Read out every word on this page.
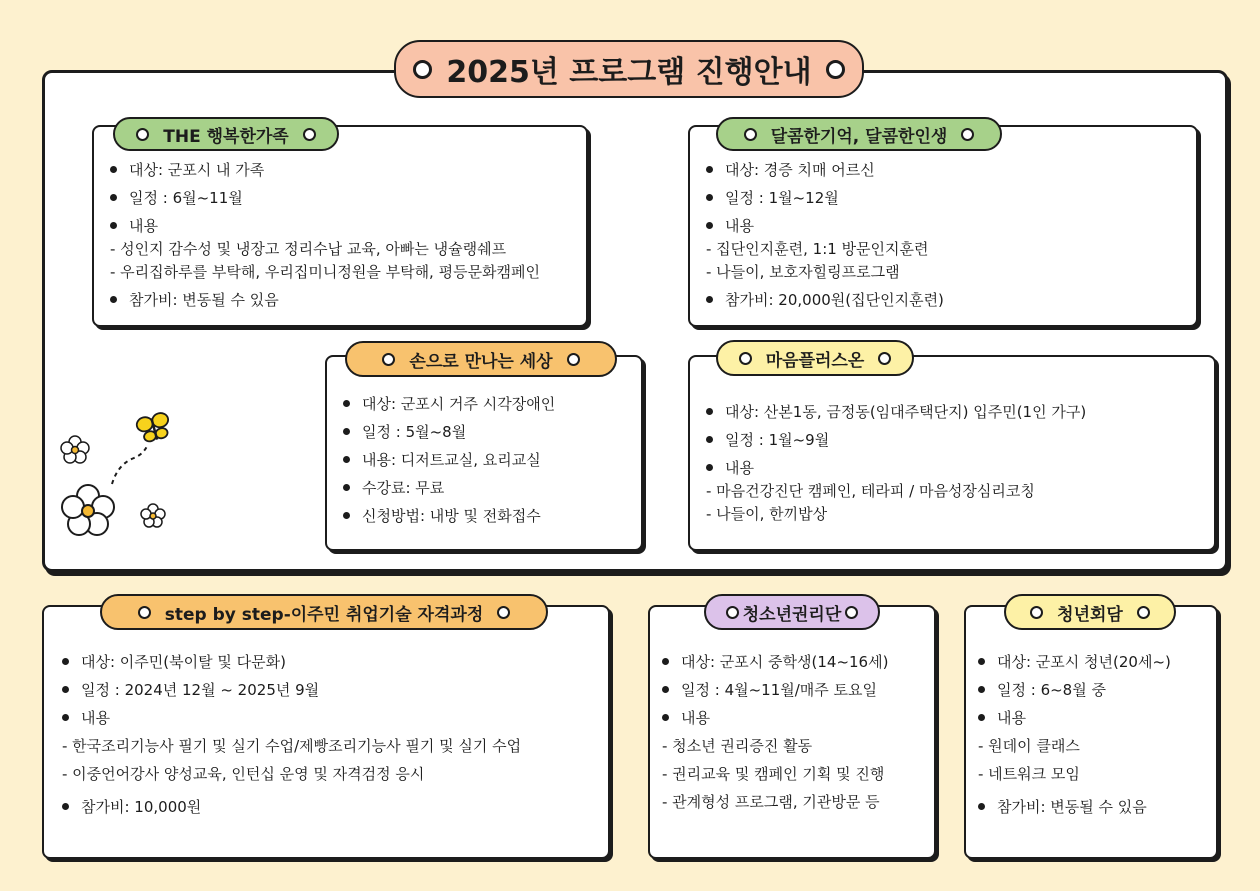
2025년 프로그램 진행안내
대상: 군포시 내 가족
일정 : 6월~11월
내용
- 성인지 감수성 및 냉장고 정리수납 교육, 아빠는 냉슐랭쉐프
- 우리집하루를 부탁해, 우리집미니정원을 부탁해, 평등문화캠페인
참가비: 변동될 수 있음
THE 행복한가족
대상: 경증 치매 어르신
일정 : 1월~12월
내용
- 집단인지훈련, 1:1 방문인지훈련
- 나들이, 보호자힐링프로그램
참가비: 20,000원(집단인지훈련)
달콤한기억, 달콤한인생
대상: 군포시 거주 시각장애인
일정 : 5월~8월
내용: 디저트교실, 요리교실
수강료: 무료
신청방법: 내방 및 전화접수
손으로 만나는 세상
대상: 산본1동, 금정동(임대주택단지) 입주민(1인 가구)
일정 : 1월~9월
내용
- 마음건강진단 캠페인, 테라피 / 마음성장심리코칭
- 나들이, 한끼밥상
마음플러스온
대상: 이주민(북이탈 및 다문화)
일정 : 2024년 12월 ~ 2025년 9월
내용
- 한국조리기능사 필기 및 실기 수업/제빵조리기능사 필기 및 실기 수업
- 이중언어강사 양성교육, 인턴십 운영 및 자격검정 응시
참가비: 10,000원
step by step-이주민 취업기술 자격과정
대상: 군포시 중학생(14~16세)
일정 : 4월~11월/매주 토요일
내용
- 청소년 권리증진 활동
- 권리교육 및 캠페인 기획 및 진행
- 관계형성 프로그램, 기관방문 등
청소년권리단
대상: 군포시 청년(20세~)
일정 : 6~8월 중
내용
- 원데이 클래스
- 네트워크 모임
참가비: 변동될 수 있음
청년회담
